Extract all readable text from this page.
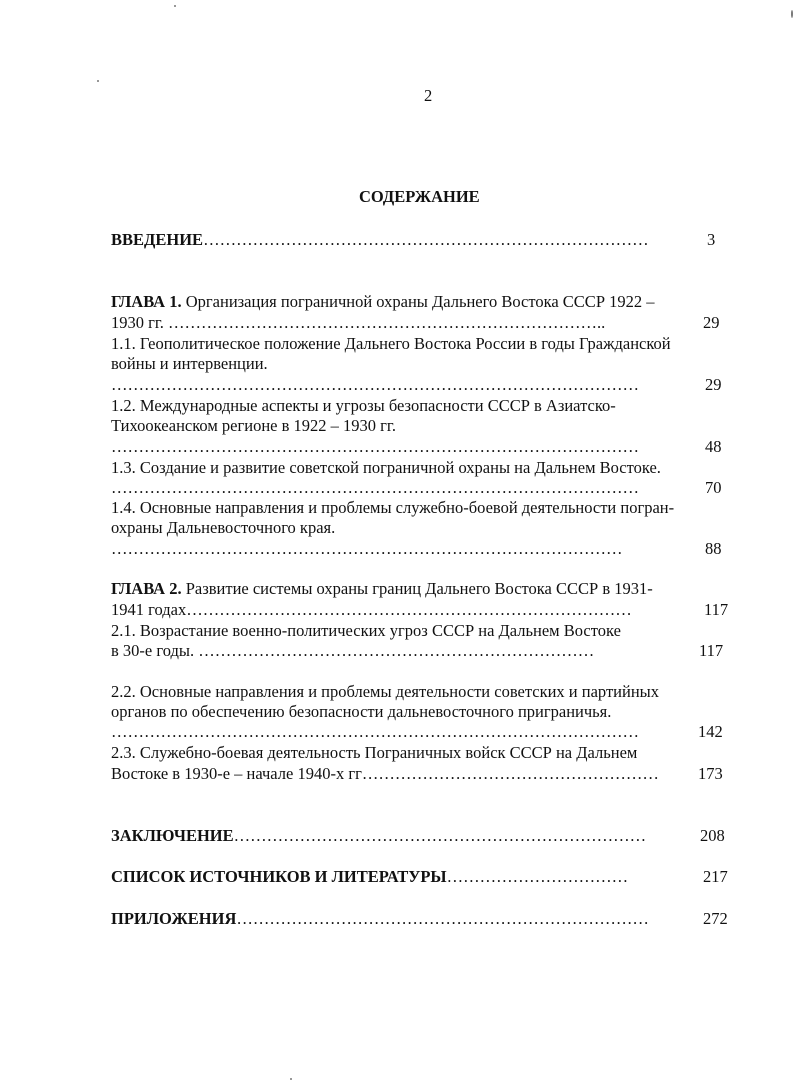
2
СОДЕРЖАНИЕ
ВВЕДЕНИЕ………………………………………………………………………	3
ГЛАВА 1. Организация пограничной охраны Дальнего Востока СССР 1922 –
1930 гг. ……………………………………………………………………..	29
1.1. Геополитическое положение Дальнего Востока России в годы Гражданской
войны и интервенции.
……………………………………………………………………………………	29
1.2. Международные аспекты и угрозы безопасности СССР в Азиатско-
Тихоокеанском регионе в 1922 – 1930 гг.
……………………………………………………………………………………	48
1.3. Создание и развитие советской пограничной охраны на Дальнем Востоке.
……………………………………………………………………………………	70
1.4. Основные направления и проблемы служебно-боевой деятельности погран-
охраны Дальневосточного края.
…………………………………………………………………………………	88
ГЛАВА 2. Развитие системы охраны границ Дальнего Востока СССР в 1931-
1941 годах………………………………………………………………………	117
2.1. Возрастание военно-политических угроз СССР на Дальнем Востоке
в 30-е годы. ………………………………………………………………	117
2.2. Основные направления и проблемы деятельности советских и партийных
органов по обеспечению безопасности дальневосточного приграничья.
……………………………………………………………………………………	142
2.3. Служебно-боевая деятельность Пограничных войск СССР на Дальнем
Востоке в 1930-е – начале 1940-х гг……………………………………………… 173
ЗАКЛЮЧЕНИЕ…………………………………………………………………	208
СПИСОК ИСТОЧНИКОВ И ЛИТЕРАТУРЫ……………………………	217
ПРИЛОЖЕНИЯ…………………………………………………………………	272
